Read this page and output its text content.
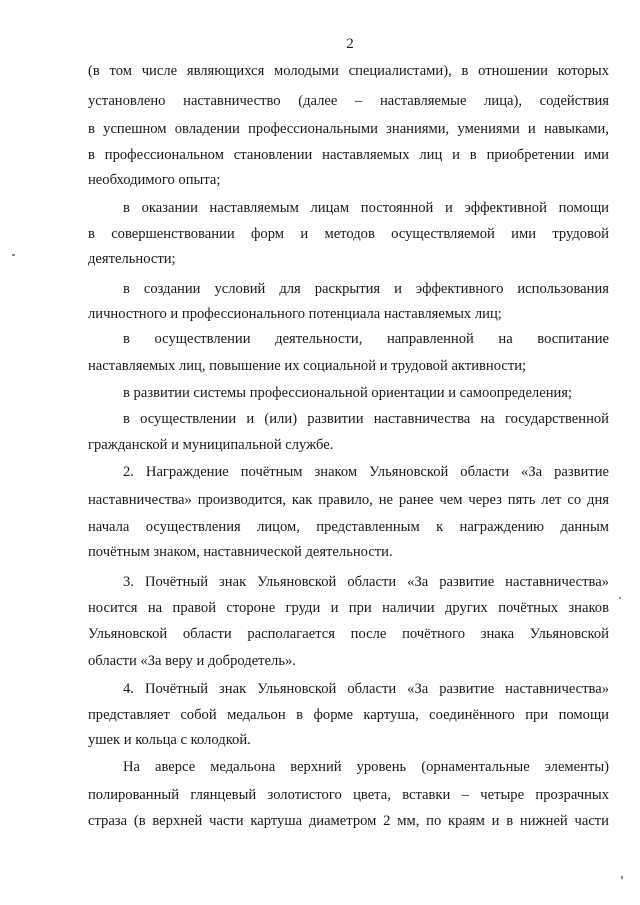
2
(в том числе являющихся молодыми специалистами), в отношении которых
установлено наставничество (далее – наставляемые лица), содействия
в успешном овладении профессиональными знаниями, умениями и навыками,
в профессиональном становлении наставляемых лиц и в приобретении ими
необходимого опыта;
в оказании наставляемым лицам постоянной и эффективной помощи
в совершенствовании форм и методов осуществляемой ими трудовой
деятельности;
в создании условий для раскрытия и эффективного использования
личностного и профессионального потенциала наставляемых лиц;
в осуществлении деятельности, направленной на воспитание
наставляемых лиц, повышение их социальной и трудовой активности;
в развитии системы профессиональной ориентации и самоопределения;
в осуществлении и (или) развитии наставничества на государственной
гражданской и муниципальной службе.
2. Награждение почётным знаком Ульяновской области «За развитие
наставничества» производится, как правило, не ранее чем через пять лет со дня
начала осуществления лицом, представленным к награждению данным
почётным знаком, наставнической деятельности.
3. Почётный знак Ульяновской области «За развитие наставничества»
носится на правой стороне груди и при наличии других почётных знаков
Ульяновской области располагается после почётного знака Ульяновской
области «За веру и добродетель».
4. Почётный знак Ульяновской области «За развитие наставничества»
представляет собой медальон в форме картуша, соединённого при помощи
ушек и кольца с колодкой.
На аверсе медальона верхний уровень (орнаментальные элементы)
полированный глянцевый золотистого цвета, вставки – четыре прозрачных
страза (в верхней части картуша диаметром 2 мм, по краям и в нижней части
